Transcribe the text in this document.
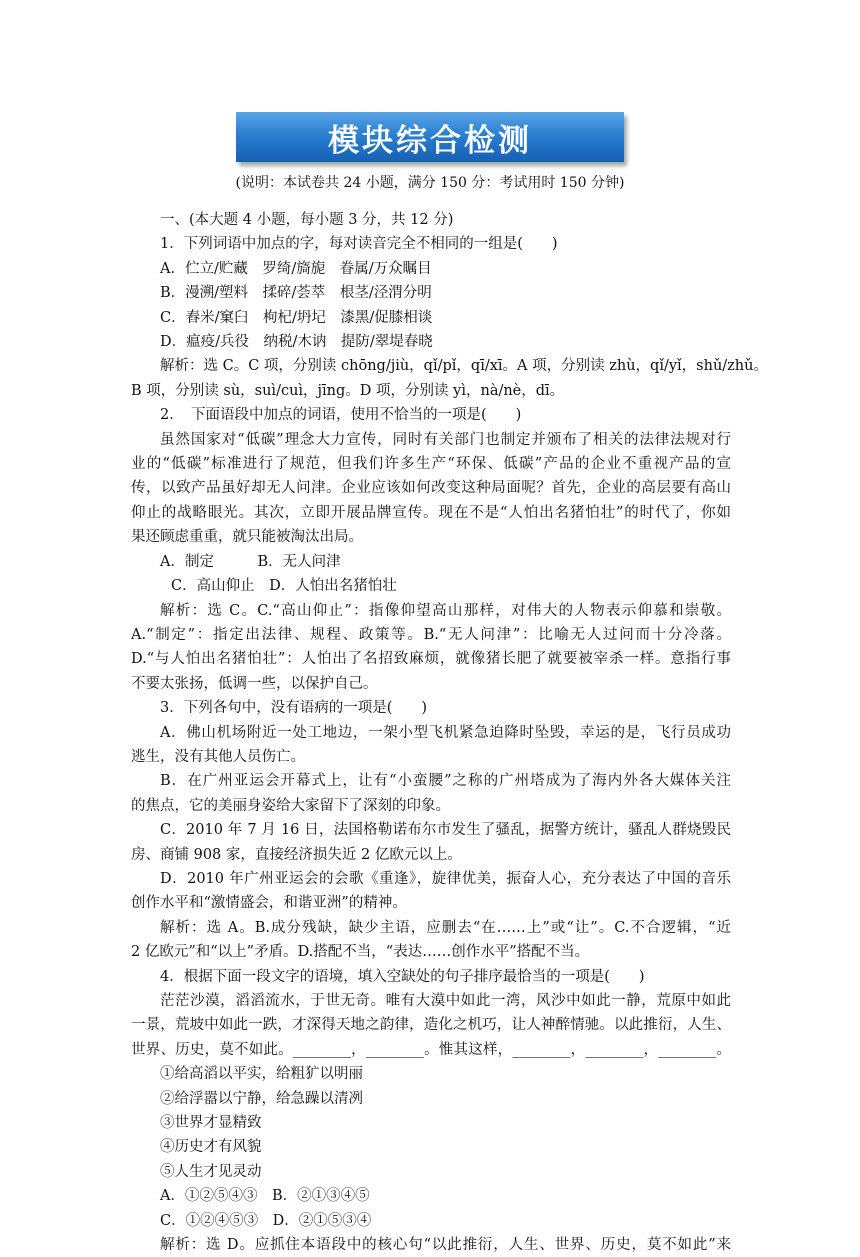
模块综合检测
(说明：本试卷共 24 小题，满分 150 分：考试用时 150 分钟)

一、(本大题 4 小题，每小题 3 分，共 12 分)

1．下列词语中加点的字，每对读音完全不相同的一组是(　　)

A．伫立/贮藏　罗绮/旖旎　眷属/万众瞩目

B．漫溯/塑料　揉碎/荟萃　根茎/泾渭分明

C．舂米/窠臼　枸杞/坍圮　漆黑/促膝相谈

D．瘟疫/兵役　纳税/木讷　提防/翠堤春晓

解析：选 C。C 项，分别读 chōng/jiù，qǐ/pǐ，qī/xī。A 项，分别读 zhù，qǐ/yǐ，shǔ/zhǔ。

B 项，分别读 sù，suì/cuì，jīng。D 项，分别读 yì，nà/nè，dī。

2．　下面语段中加点的词语，使用不恰当的一项是(　　)

虽然国家对“低碳”理念大力宣传，同时有关部门也制定并颁布了相关的法律法规对行

业的“低碳”标准进行了规范，但我们许多生产“环保、低碳”产品的企业不重视产品的宣

传，以致产品虽好却无人问津。企业应该如何改变这种局面呢？首先，企业的高层要有高山

仰止的战略眼光。其次，立即开展品牌宣传。现在不是“人怕出名猪怕壮”的时代了，你如

果还顾虑重重，就只能被淘汰出局。

A．制定　　　B．无人问津

C．高山仰止　D．人怕出名猪怕壮

解析：选 C。C.“高山仰止”：指像仰望高山那样，对伟大的人物表示仰慕和崇敬。

A.“制定”：指定出法律、规程、政策等。B.“无人问津”：比喻无人过问而十分冷落。

D.“与人怕出名猪怕壮”：人怕出了名招致麻烦，就像猪长肥了就要被宰杀一样。意指行事

不要太张扬，低调一些，以保护自己。

3．下列各句中，没有语病的一项是(　　)

A．佛山机场附近一处工地边，一架小型飞机紧急迫降时坠毁，幸运的是，飞行员成功

逃生，没有其他人员伤亡。

B．在广州亚运会开幕式上，让有“小蛮腰”之称的广州塔成为了海内外各大媒体关注

的焦点，它的美丽身姿给大家留下了深刻的印象。

C．2010 年 7 月 16 日，法国格勒诺布尔市发生了骚乱，据警方统计，骚乱人群烧毁民

房、商铺 908 家，直接经济损失近 2 亿欧元以上。

D．2010 年广州亚运会的会歌《重逢》，旋律优美，振奋人心，充分表达了中国的音乐

创作水平和“激情盛会，和谐亚洲”的精神。

解析：选 A。B.成分残缺，缺少主语，应删去“在……上”或“让”。C.不合逻辑，“近

2 亿欧元”和“以上”矛盾。D.搭配不当，“表达……创作水平”搭配不当。

4．根据下面一段文字的语境，填入空缺处的句子排序最恰当的一项是(　　)

茫茫沙漠，滔滔流水，于世无奇。唯有大漠中如此一湾，风沙中如此一静，荒原中如此

一景，荒坡中如此一跌，才深得天地之韵律，造化之机巧，让人神醉情驰。以此推衍，人生、

世界、历史，莫不如此。________，________。惟其这样，________，________，________。

①给高滔以平实，给粗犷以明丽

②给浮嚣以宁静，给急躁以清冽

③世界才显精致

④历史才有风貌

⑤人生才见灵动

A．①②⑤④③　B．②①③④⑤

C．①②④⑤③　D．②①⑤③④

解析：选 D。应抓住本语段中的核心句“以此推衍，人生、世界、历史，莫不如此”来
